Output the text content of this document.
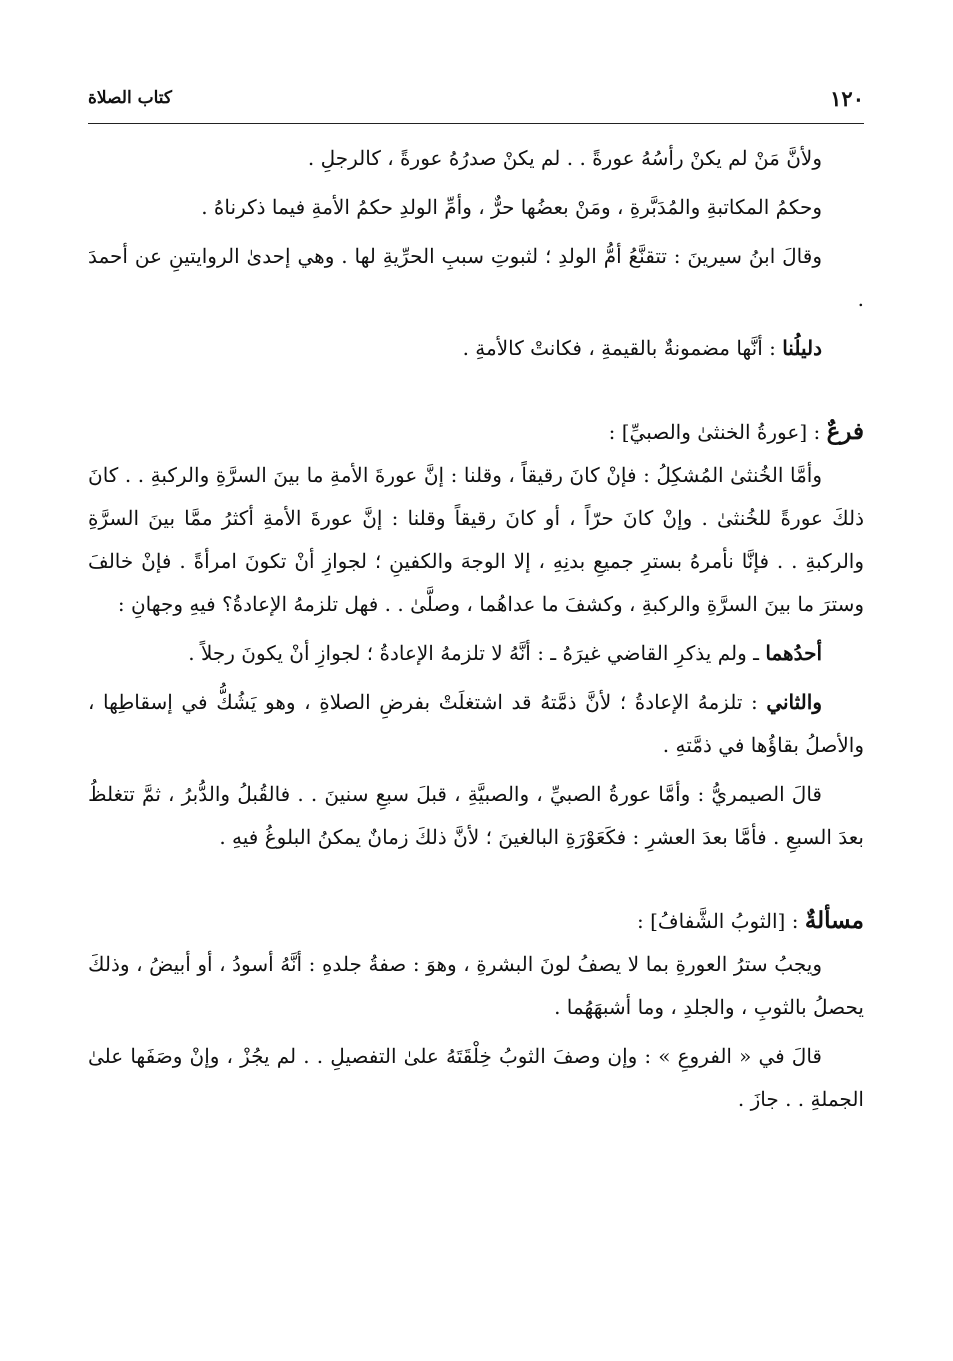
١٢٠
كتاب الصلاة

ولأنَّ مَنْ لم يكنْ رأسُهُ عورةً . . لم يكنْ صدرُهُ عورةً ، كالرجلِ .

وحكمُ المكاتبةِ والمُدَبَّرةِ ، ومَنْ بعضُها حرٌّ ، وأمِّ الولدِ حكمُ الأمةِ فيما ذكرناهُ .

وقالَ ابنُ سيرينَ : تتقنَّعُ أمُّ الولدِ ؛ لثبوتِ سببِ الحرِّيةِ لها . وهي إحدىٰ الروايتينِ عن أحمدَ .

دليلُنا : أنَّها مضمونةٌ بالقيمةِ ، فكانتْ كالأمةِ .

فرعٌ : [عورةُ الخنثىٰ والصبيِّ] :

وأمَّا الخُنثىٰ المُشكِلُ : فإنْ كانَ رقيقاً ، وقلنا : إنَّ عورةَ الأمةِ ما بينَ السرَّةِ والركبةِ . . كانَ ذلكَ عورةً للخُنثىٰ . وإنْ كانَ حرّاً ، أو كانَ رقيقاً وقلنا : إنَّ عورةَ الأمةِ أكثرُ ممَّا بينَ السرَّةِ والركبةِ . . فإنَّا نأمرهُ بسترِ جميعِ بدنِهِ ، إلا الوجهَ والكفينِ ؛ لجوازِ أنْ تكونَ امرأةً . فإنْ خالفَ وسترَ ما بينَ السرَّةِ والركبةِ ، وكشفَ ما عداهُما ، وصلَّىٰ . . فهل تلزمهُ الإعادةُ؟ فيهِ وجهانِ :

أحدُهما ـ ولم يذكرِ القاضي غيرَهُ ـ : أنَّهُ لا تلزمهُ الإعادةُ ؛ لجوازِ أنْ يكونَ رجلاً .

والثاني : تلزمهُ الإعادةُ ؛ لأنَّ ذمَّتهُ قد اشتغلَتْ بفرضِ الصلاةِ ، وهو يَشُكُّ في إسقاطِها ، والأصلُ بقاؤُها في ذمَّتهِ .

قالَ الصيمريُّ : وأمَّا عورةُ الصبيِّ ، والصبيَّةِ ، قبلَ سبعِ سنينَ . . فالقُبلُ والدُّبرُ ، ثمَّ تتغلظُ بعدَ السبعِ . فأمَّا بعدَ العشرِ : فكَعَوْرَةِ البالغينَ ؛ لأنَّ ذلكَ زمانٌ يمكنُ البلوغُ فيهِ .

مسألةٌ : [الثوبُ الشَّفافُ] :

ويجبُ سترُ العورةِ بما لا يصفُ لونَ البشرةِ ، وهوَ : صفةُ جلدهِ : أنَّهُ أسودُ ، أو أبيضُ ، وذلكَ يحصلُ بالثوبِ ، والجلدِ ، وما أشبهَهُما .

قالَ في « الفروعِ » : وإن وصفَ الثوبُ خِلْقَتَهُ علىٰ التفصيلِ . . لم يجُزْ ، وإنْ وصَفَها علىٰ الجملةِ . . جازَ .
